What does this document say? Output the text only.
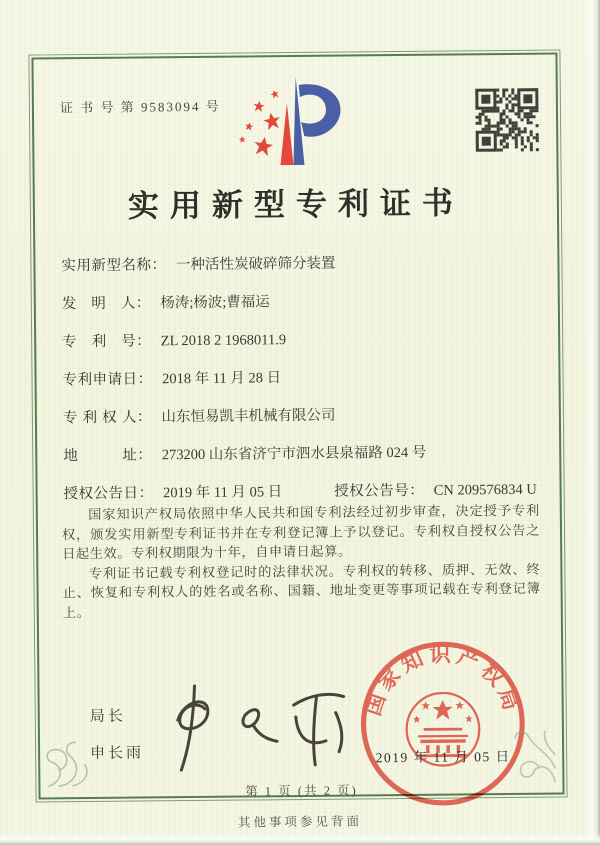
证 书 号 第 9583094 号
实用新型专利证书
实用新型名称： 一种活性炭破碎筛分装置
发明人： 杨涛;杨波;曹福运
专利号： ZL 2018 2 1968011.9
专利申请日： 2018 年 11 月 28 日
专利权人： 山东恒易凯丰机械有限公司
地址： 273200 山东省济宁市泗水县泉福路 024 号
授权公告日： 2019 年 11 月 05 日	授权公告号： CN 209576834 U

国家知识产权局依照中华人民共和国专利法经过初步审查，决定授予专利权，颁发实用新型专利证书并在专利登记簿上予以登记。专利权自授权公告之日起生效。专利权期限为十年，自申请日起算。

专利证书记载专利权登记时的法律状况。专利权的转移、质押、无效、终止、恢复和专利权人的姓名或名称、国籍、地址变更等事项记载在专利登记簿上。

局长
申长雨
国家知识产权局
2019 年 11 月 05 日
第 1 页 (共 2 页)
其他事项参见背面
